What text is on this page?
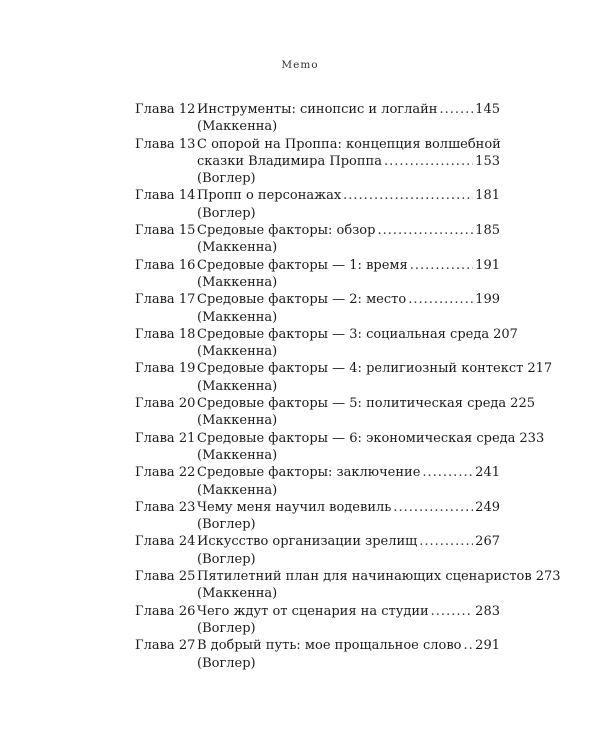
Memo
Глава 12 Инструменты: синопсис и логлайн .....	145
(Маккенна)
Глава 13 С опорой на Проппа: концепция волшебной
сказки Владимира Проппа .....	153
(Воглер)
Глава 14 Пропп о персонажах .....	181
(Воглер)
Глава 15 Средовые факторы: обзор .....	185
(Маккенна)
Глава 16 Средовые факторы — 1: время .....	191
(Маккенна)
Глава 17 Средовые факторы — 2: место .....	199
(Маккенна)
Глава 18 Средовые факторы — 3: социальная среда 207
(Маккенна)
Глава 19 Средовые факторы — 4: религиозный контекст 217
(Маккенна)
Глава 20 Средовые факторы — 5: политическая среда 225
(Маккенна)
Глава 21 Средовые факторы — 6: экономическая среда 233
(Маккенна)
Глава 22 Средовые факторы: заключение .....	241
(Маккенна)
Глава 23 Чему меня научил водевиль .....	249
(Воглер)
Глава 24 Искусство организации зрелищ .....	267
(Воглер)
Глава 25 Пятилетний план для начинающих сценаристов 273
(Маккенна)
Глава 26 Чего ждут от сценария на студии .....	283
(Воглер)
Глава 27 В добрый путь: мое прощальное слово ..... 291
(Воглер)
